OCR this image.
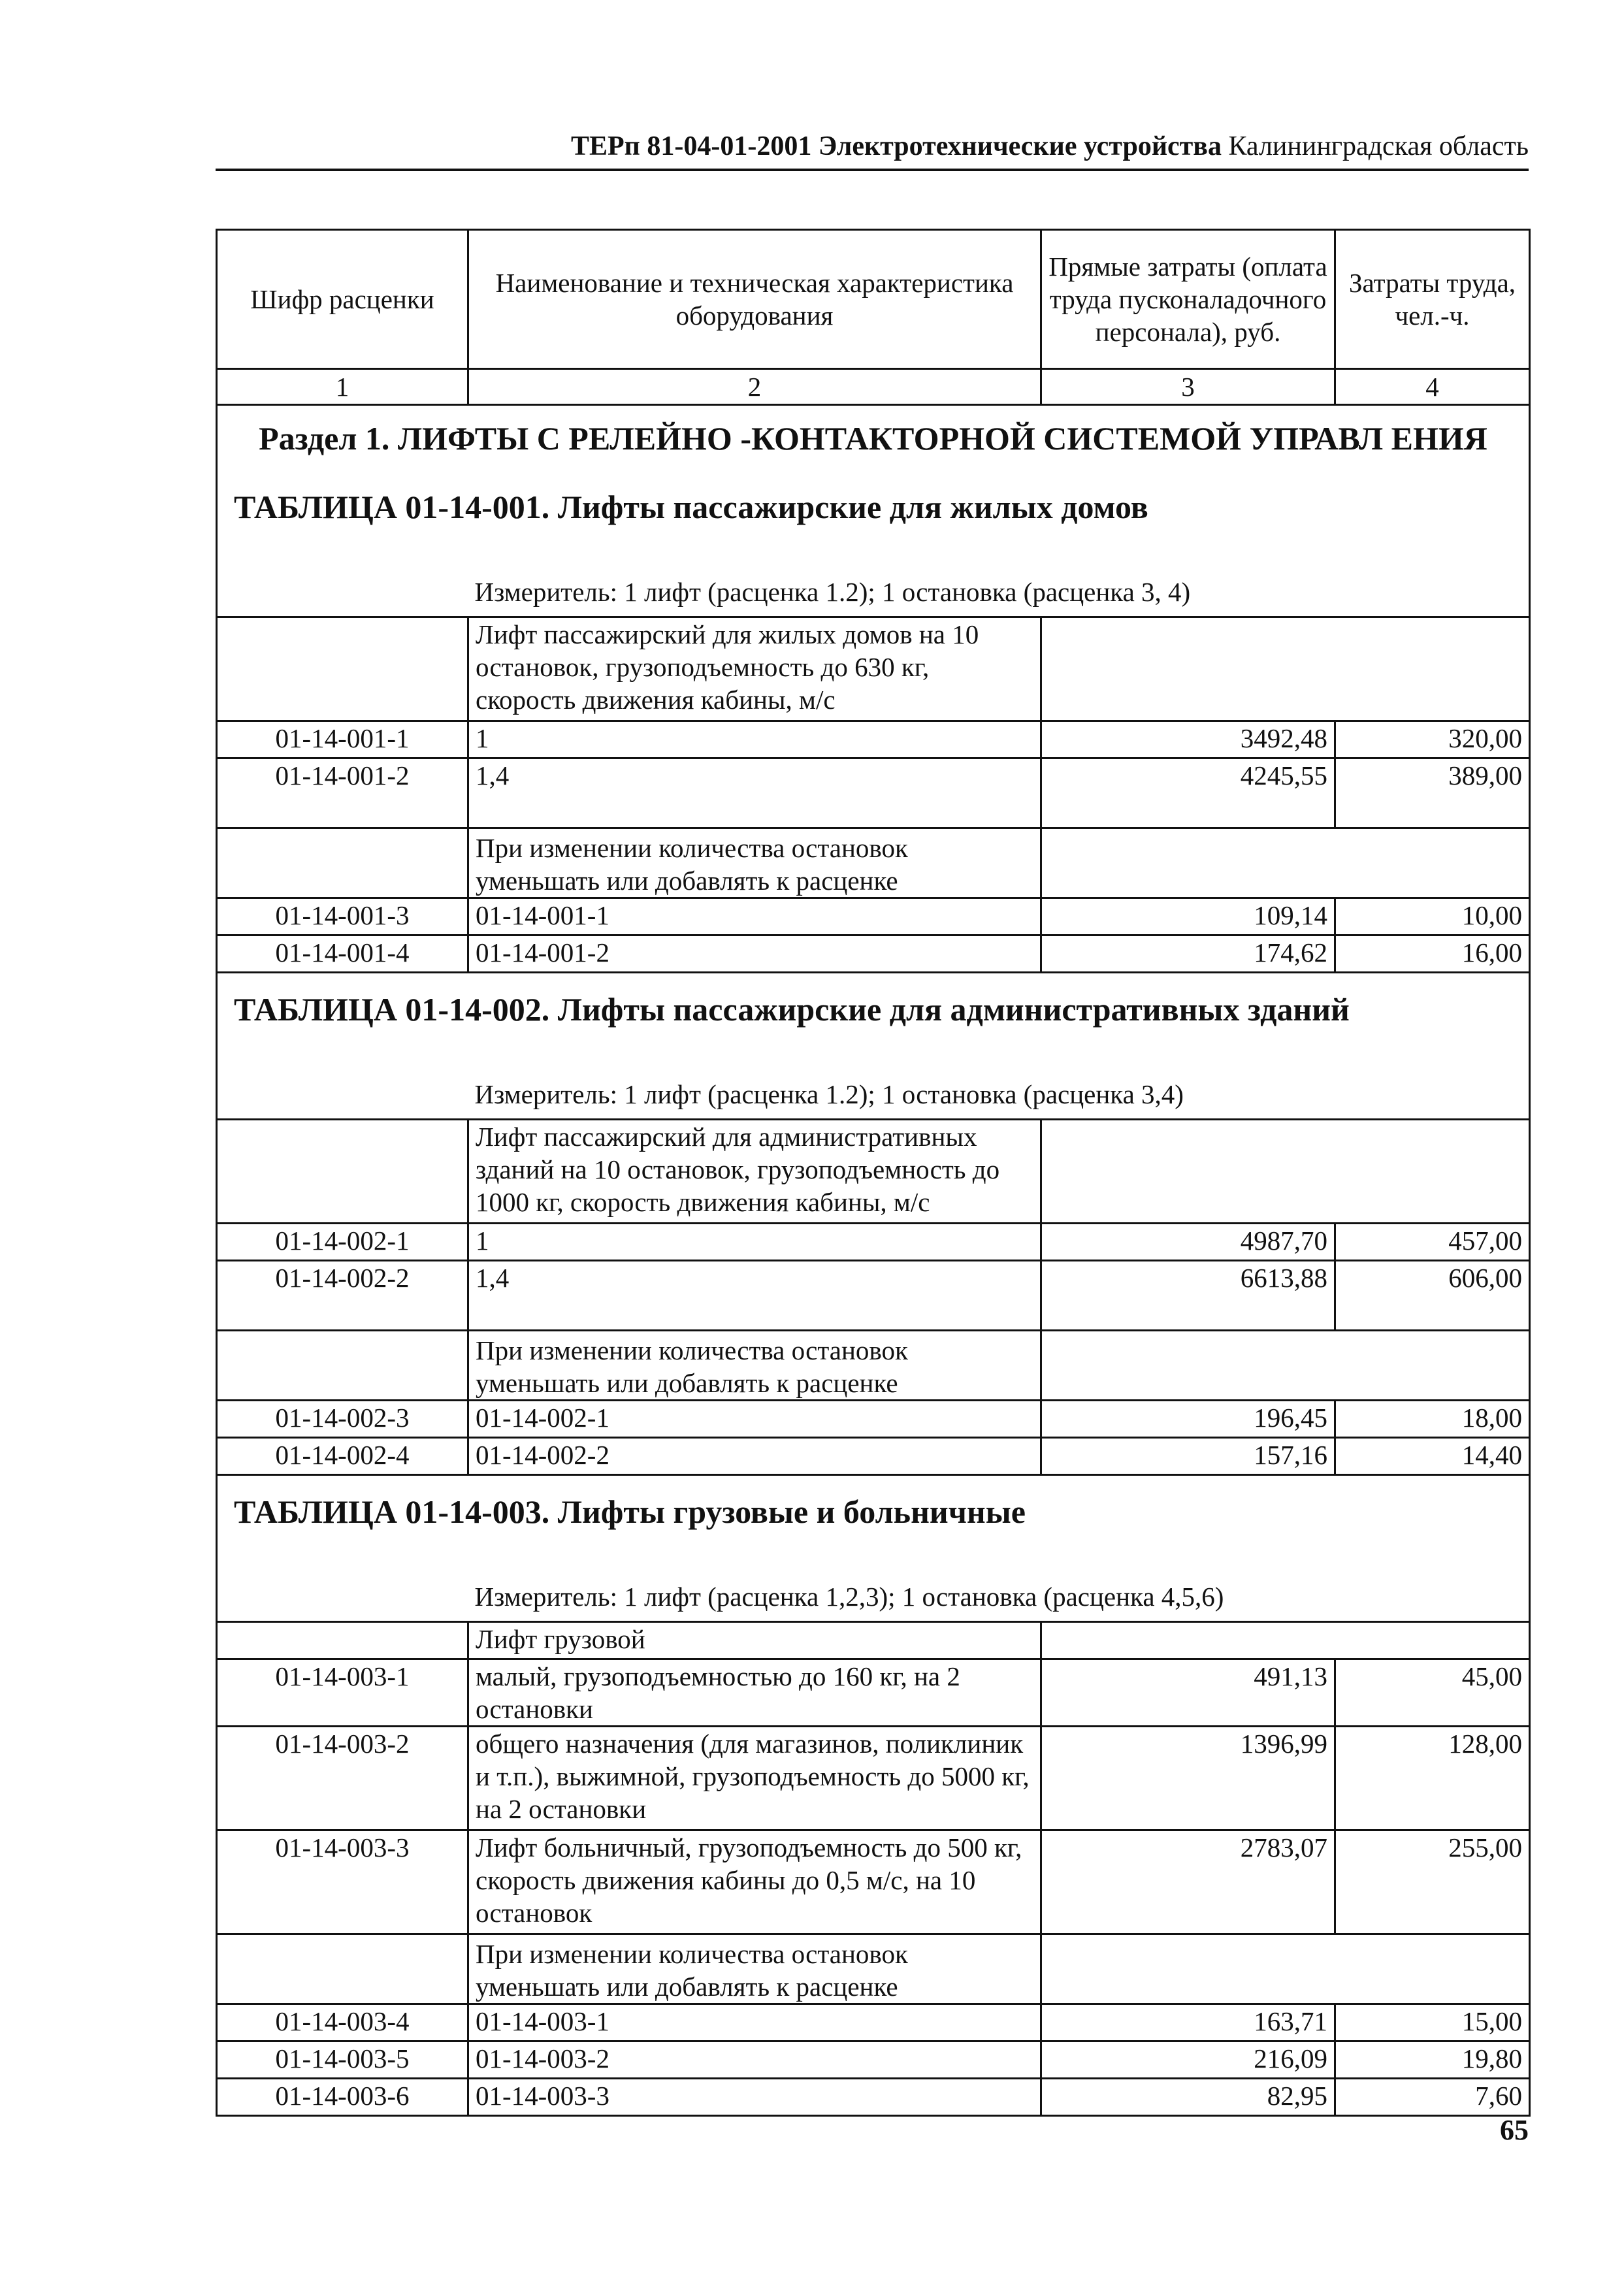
ТЕРп 81-04-01-2001 Электротехнические устройства Калининградская область
Шифр расценки	Наименование и техническая характеристика оборудования	Прямые затраты (оплата труда пусконаладочного персонала), руб.	Затраты труда, чел.-ч.
1	2	3	4
Раздел 1. ЛИФТЫ С РЕЛЕЙНО -КОНТАКТОРНОЙ СИСТЕМОЙ УПРАВЛ ЕНИЯ			
ТАБЛИЦА 01-14-001. Лифты пассажирские для жилых домов			
	Измеритель: 1 лифт (расценка 1.2); 1 остановка (расценка 3, 4)		
	Лифт пассажирский для жилых домов на 10 остановок, грузоподъемность до 630 кг, скорость движения кабины, м/с		
01-14-001-1	1	3492,48	320,00
01-14-001-2	1,4	4245,55	389,00
	При изменении количества остановок уменьшать или добавлять к расценке		
01-14-001-3	01-14-001-1	109,14	10,00
01-14-001-4	01-14-001-2	174,62	16,00
ТАБЛИЦА 01-14-002. Лифты пассажирские для административных зданий			
	Измеритель: 1 лифт (расценка 1.2); 1 остановка (расценка 3,4)		
	Лифт пассажирский для административных зданий на 10 остановок, грузоподъемность до 1000 кг, скорость движения кабины, м/с		
01-14-002-1	1	4987,70	457,00
01-14-002-2	1,4	6613,88	606,00
	При изменении количества остановок уменьшать или добавлять к расценке		
01-14-002-3	01-14-002-1	196,45	18,00
01-14-002-4	01-14-002-2	157,16	14,40
ТАБЛИЦА 01-14-003. Лифты грузовые и больничные			
	Измеритель: 1 лифт (расценка 1,2,3); 1 остановка (расценка 4,5,6)		
	Лифт грузовой		
01-14-003-1	малый, грузоподъемностью до 160 кг, на 2 остановки	491,13	45,00
01-14-003-2	общего назначения (для магазинов, поликлиник и т.п.), выжимной, грузоподъемность до 5000 кг, на 2 остановки	1396,99	128,00
01-14-003-3	Лифт больничный, грузоподъемность до 500 кг, скорость движения кабины до 0,5 м/с, на 10 остановок	2783,07	255,00
	При изменении количества остановок уменьшать или добавлять к расценке		
01-14-003-4	01-14-003-1	163,71	15,00
01-14-003-5	01-14-003-2	216,09	19,80
01-14-003-6	01-14-003-3	82,95	7,60
65
